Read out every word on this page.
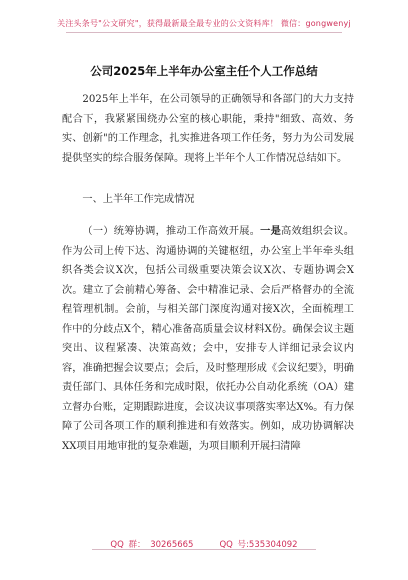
关注头条号"公文研究"，获得最新最全最专业的公文资料库！ 微信：gongwenyj
公司2025年上半年办公室主任个人工作总结

2025年上半年，在公司领导的正确领导和各部门的大力支持配合下，我紧紧围绕办公室的核心职能，秉持"细致、高效、务实、创新"的工作理念，扎实推进各项工作任务，努力为公司发展提供坚实的综合服务保障。现将上半年个人工作情况总结如下。

一、上半年工作完成情况

（一）统筹协调，推动工作高效开展。一是高效组织会议。作为公司上传下达、沟通协调的关键枢纽，办公室上半年牵头组织各类会议X次，包括公司级重要决策会议X次、专题协调会X次。建立了会前精心筹备、会中精准记录、会后严格督办的全流程管理机制。会前，与相关部门深度沟通对接X次，全面梳理工作中的分歧点X个，精心准备高质量会议材料X份。确保会议主题突出、议程紧凑、决策高效；会中，安排专人详细记录会议内容，准确把握会议要点；会后，及时整理形成《会议纪要》，明确责任部门、具体任务和完成时限，依托办公自动化系统（OA）建立督办台账，定期跟踪进度，会议决议事项落实率达X%。有力保障了公司各项工作的顺利推进和有效落实。例如，成功协调解决XX项目用地审批的复杂难题，为项目顺利开展扫清障

QQ 群： 30265665	QQ 号:535304092
